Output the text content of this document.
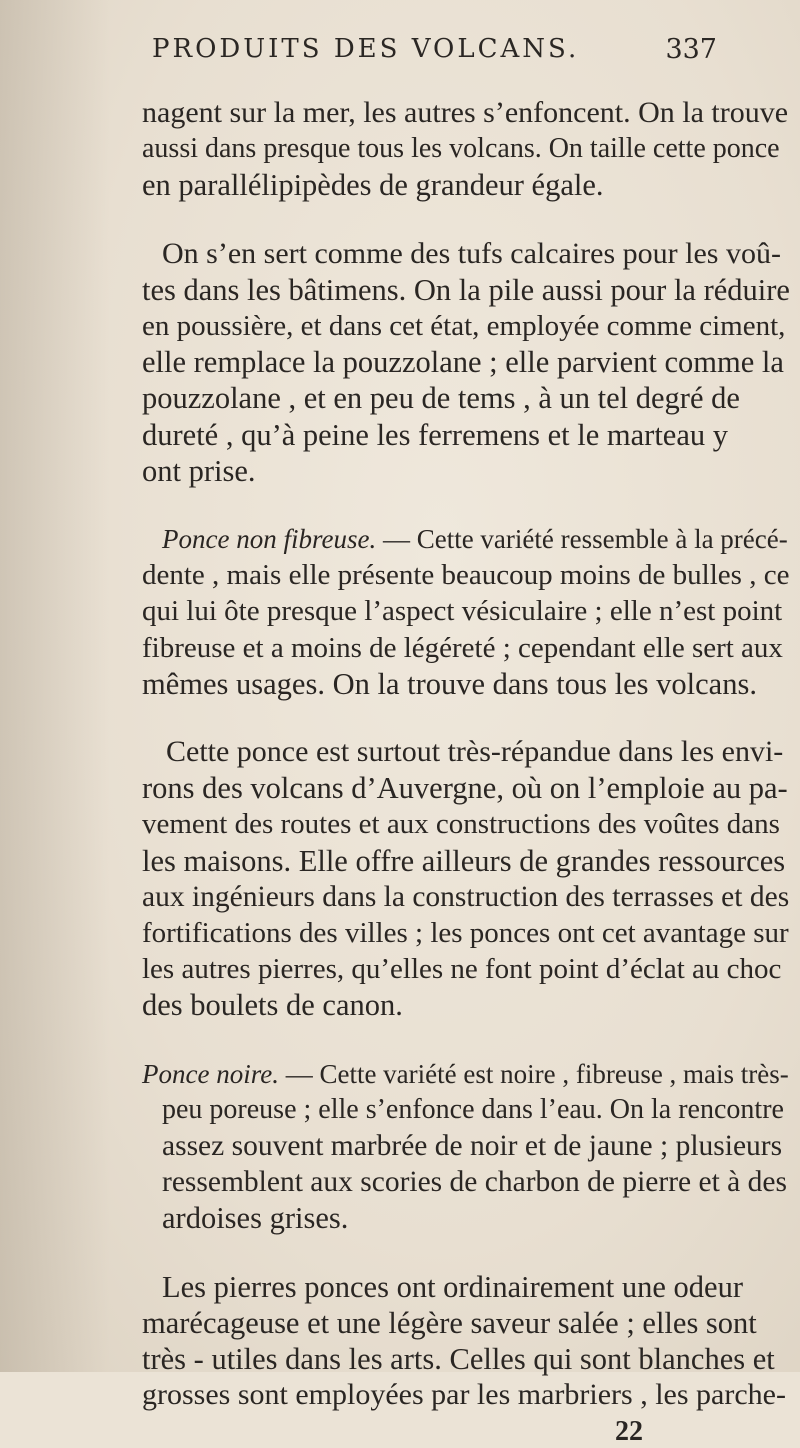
PRODUITS DES VOLCANS.	337
nagent sur la mer, les autres s’enfoncent. On la trouve
aussi dans presque tous les volcans. On taille cette ponce
en parallélipipèdes de grandeur égale.
On s’en sert comme des tufs calcaires pour les voû-
tes dans les bâtimens. On la pile aussi pour la réduire
en poussière, et dans cet état, employée comme ciment,
elle remplace la pouzzolane ; elle parvient comme la
pouzzolane , et en peu de tems , à un tel degré de
dureté , qu’à peine les ferremens et le marteau y
ont prise.
Ponce non fibreuse. — Cette variété ressemble à la précé-
dente , mais elle présente beaucoup moins de bulles , ce
qui lui ôte presque l’aspect vésiculaire ; elle n’est point
fibreuse et a moins de légéreté ; cependant elle sert aux
mêmes usages. On la trouve dans tous les volcans.
Cette ponce est surtout très-répandue dans les envi-
rons des volcans d’Auvergne, où on l’emploie au pa-
vement des routes et aux constructions des voûtes dans
les maisons. Elle offre ailleurs de grandes ressources
aux ingénieurs dans la construction des terrasses et des
fortifications des villes ; les ponces ont cet avantage sur
les autres pierres, qu’elles ne font point d’éclat au choc
des boulets de canon.
Ponce noire. — Cette variété est noire , fibreuse , mais très-
peu poreuse ; elle s’enfonce dans l’eau. On la rencontre
assez souvent marbrée de noir et de jaune ; plusieurs
ressemblent aux scories de charbon de pierre et à des
ardoises grises.
Les pierres ponces ont ordinairement une odeur
marécageuse et une légère saveur salée ; elles sont
très - utiles dans les arts. Celles qui sont blanches et
grosses sont employées par les marbriers , les parche-
22
